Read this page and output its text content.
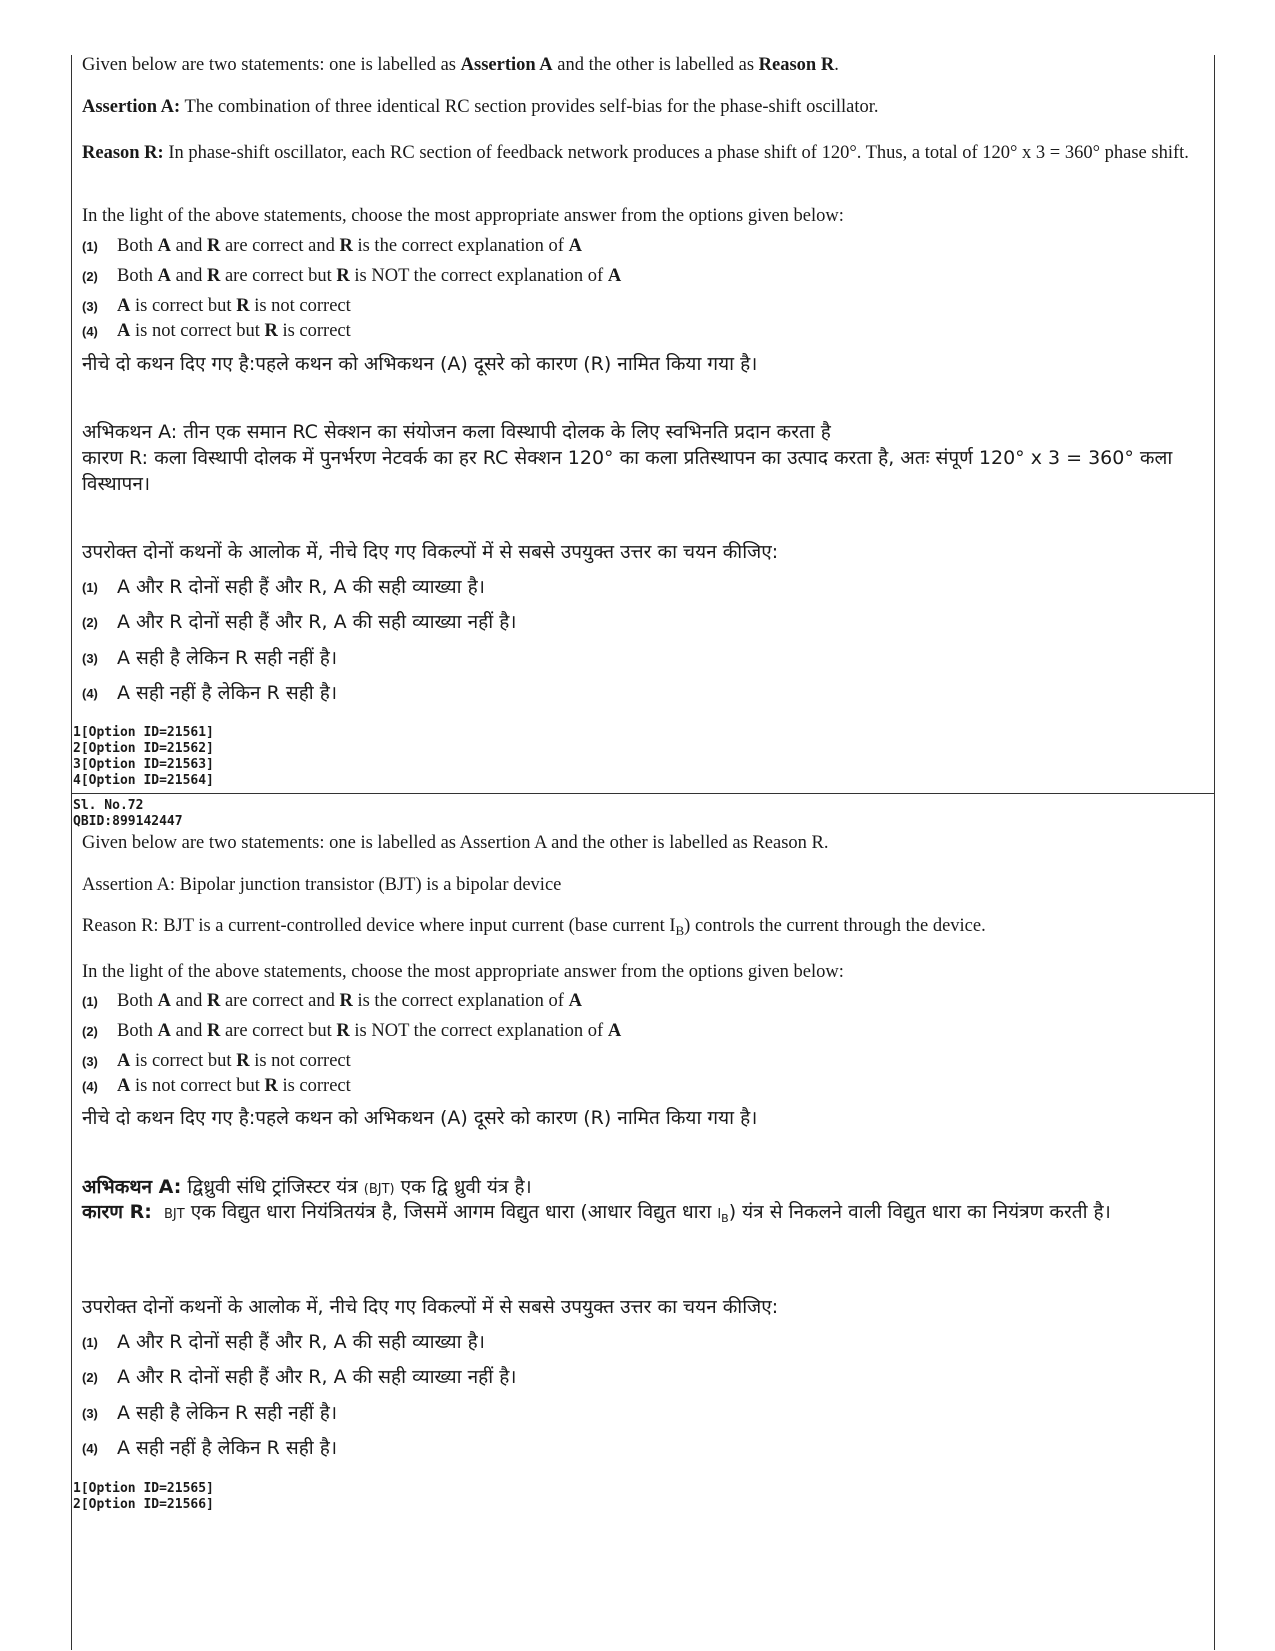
Given below are two statements: one is labelled as Assertion A and the other is labelled as Reason R.
Assertion A: The combination of three identical RC section provides self-bias for the phase-shift oscillator.
Reason R: In phase-shift oscillator, each RC section of feedback network produces a phase shift of 120°. Thus, a total of 120° x 3 = 360° phase shift.
In the light of the above statements, choose the most appropriate answer from the options given below:
(1) Both A and R are correct and R is the correct explanation of A
(2) Both A and R are correct but R is NOT the correct explanation of A
(3) A is correct but R is not correct
(4) A is not correct but R is correct
नीचे दो कथन दिए गए है:पहले कथन को अभिकथन (A) दूसरे को कारण (R) नामित किया गया है।
अभिकथन A: तीन एक समान RC सेक्शन का संयोजन कला विस्थापी दोलक के लिए स्वभिनति प्रदान करता है
कारण R: कला विस्थापी दोलक में पुनर्भरण नेटवर्क का हर RC सेक्शन 120° का कला प्रतिस्थापन का उत्पाद करता है, अतः संपूर्ण 120° x 3 = 360° कला विस्थापन।
उपरोक्त दोनों कथनों के आलोक में, नीचे दिए गए विकल्पों में से सबसे उपयुक्त उत्तर का चयन कीजिए:
(1) A और R दोनों सही हैं और R, A की सही व्याख्या है।
(2) A और R दोनों सही हैं और R, A की सही व्याख्या नहीं है।
(3) A सही है लेकिन R सही नहीं है।
(4) A सही नहीं है लेकिन R सही है।
1[Option ID=21561]
2[Option ID=21562]
3[Option ID=21563]
4[Option ID=21564]
Sl. No.72
QBID:899142447
Given below are two statements: one is labelled as Assertion A and the other is labelled as Reason R.
Assertion A: Bipolar junction transistor (BJT) is a bipolar device
Reason R: BJT is a current-controlled device where input current (base current $I_B$) controls the current through the device.
In the light of the above statements, choose the most appropriate answer from the options given below:
(1) Both A and R are correct and R is the correct explanation of A
(2) Both A and R are correct but R is NOT the correct explanation of A
(3) A is correct but R is not correct
(4) A is not correct but R is correct
नीचे दो कथन दिए गए है:पहले कथन को अभिकथन (A) दूसरे को कारण (R) नामित किया गया है।
अभिकथन A: द्विध्रुवी संधि ट्रांजिस्टर यंत्र (BJT) एक द्वि ध्रुवी यंत्र है।
कारण R: BJT एक विद्युत धारा नियंत्रितयंत्र है, जिसमें आगम विद्युत धारा (आधार विद्युत धारा $I_B$) यंत्र से निकलने वाली विद्युत धारा का नियंत्रण करती है।
उपरोक्त दोनों कथनों के आलोक में, नीचे दिए गए विकल्पों में से सबसे उपयुक्त उत्तर का चयन कीजिए:
(1) A और R दोनों सही हैं और R, A की सही व्याख्या है।
(2) A और R दोनों सही हैं और R, A की सही व्याख्या नहीं है।
(3) A सही है लेकिन R सही नहीं है।
(4) A सही नहीं है लेकिन R सही है।
1[Option ID=21565]
2[Option ID=21566]
